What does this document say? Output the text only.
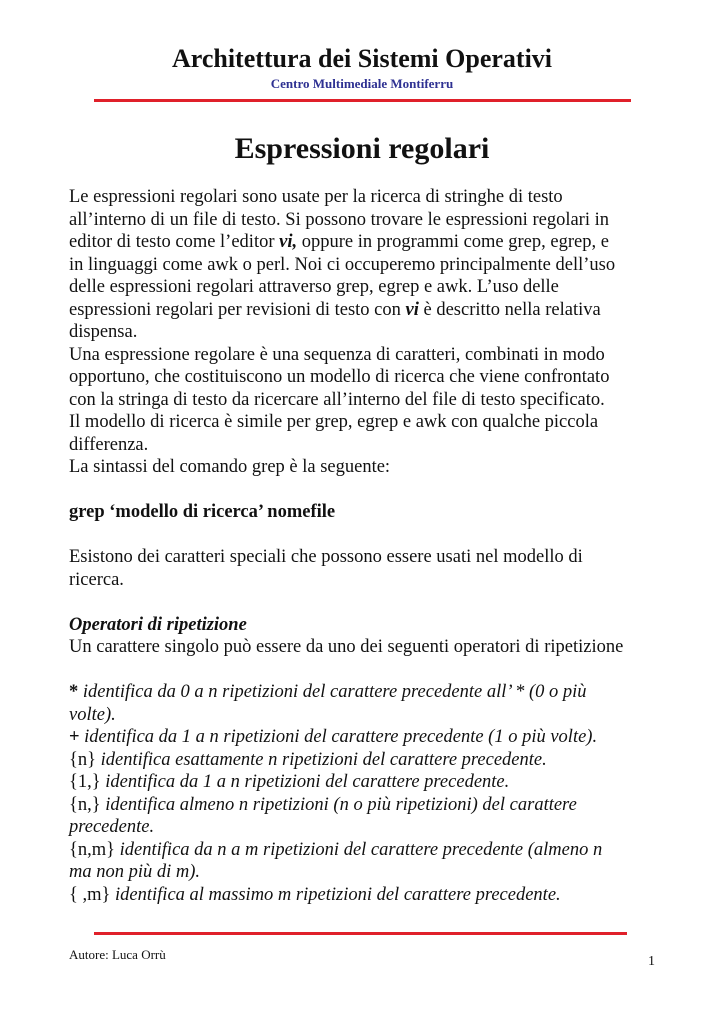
Architettura dei Sistemi Operativi
Centro Multimediale Montiferru
Espressioni regolari

Le espressioni regolari sono usate per la ricerca di stringhe di testo

all’interno di un file di testo. Si possono trovare le espressioni regolari in

editor di testo come l’editor vi, oppure in programmi come grep, egrep, e

in linguaggi come awk o perl. Noi ci occuperemo principalmente dell’uso

delle espressioni regolari attraverso grep, egrep e awk. L’uso delle

espressioni regolari per revisioni di testo con vi è descritto nella relativa

dispensa.

Una espressione regolare è una sequenza di caratteri, combinati in modo

opportuno, che costituiscono un modello di ricerca che viene confrontato

con la stringa di testo da ricercare all’interno del file di testo specificato.

Il modello di ricerca è simile per grep, egrep e awk con qualche piccola

differenza.

La sintassi del comando grep è la seguente:

grep ‘modello di ricerca’ nomefile

Esistono dei caratteri speciali che possono essere usati nel modello di

ricerca.

Operatori di ripetizione

Un carattere singolo può essere da uno dei seguenti operatori di ripetizione

* identifica da 0 a n ripetizioni del carattere precedente all’ * (0 o più

volte).

+ identifica da 1 a n ripetizioni del carattere precedente (1 o più volte).

{n} identifica esattamente n ripetizioni del carattere precedente.

{1,} identifica da 1 a n ripetizioni del carattere precedente.

{n,} identifica almeno n ripetizioni (n o più ripetizioni) del carattere

precedente.

{n,m} identifica da n a m ripetizioni del carattere precedente (almeno n

ma non più di m).

{ ,m} identifica al massimo m ripetizioni del carattere precedente.

Autore: Luca Orrù	1
